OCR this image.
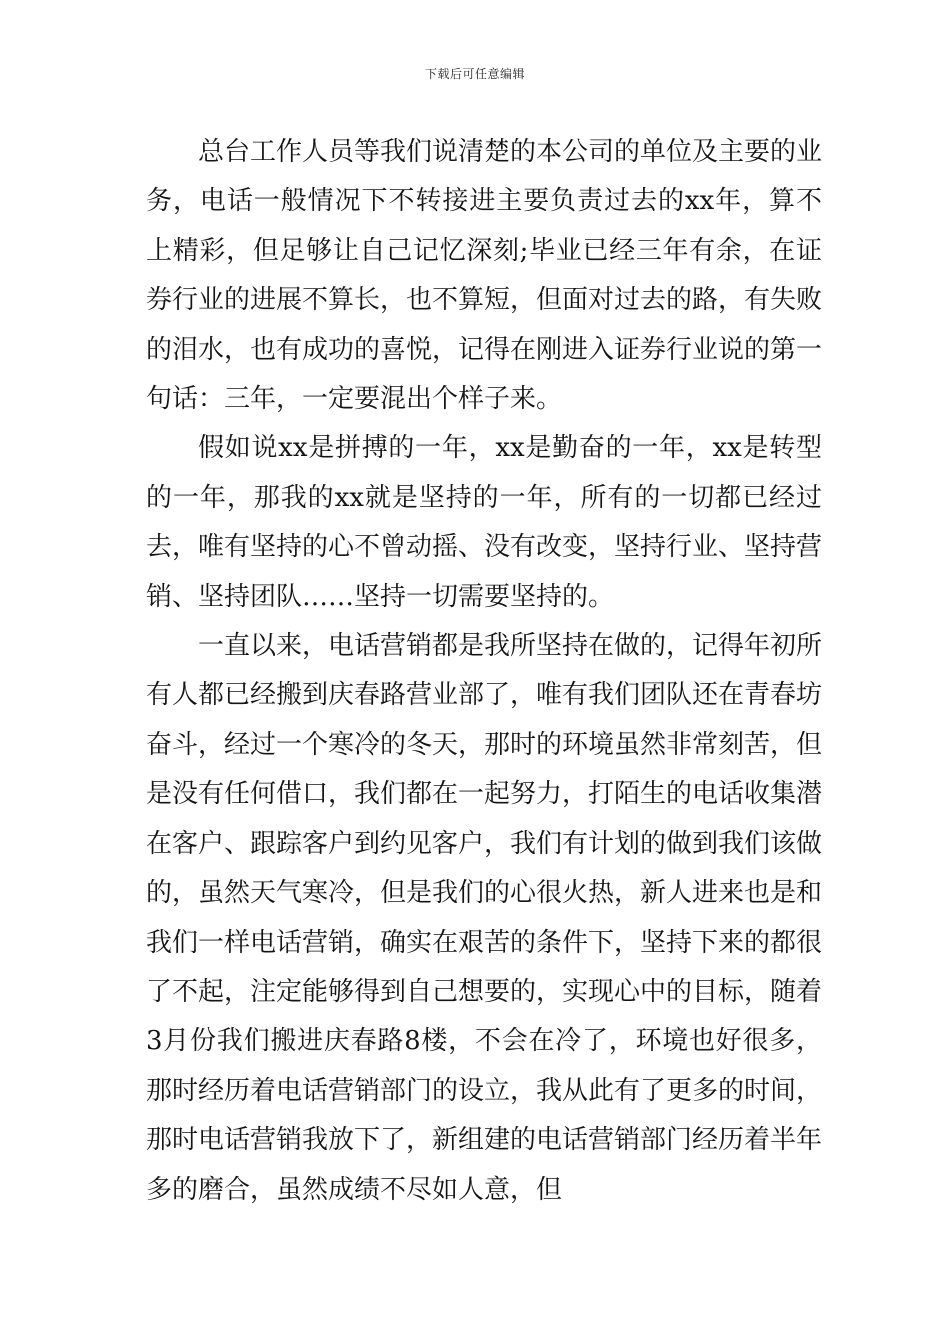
下载后可任意编辑

总台工作人员等我们说清楚的本公司的单位及主要的业务，电话一般情况下不转接进主要负责过去的xx年，算不上精彩，但足够让自己记忆深刻;毕业已经三年有余，在证券行业的进展不算长，也不算短，但面对过去的路，有失败的泪水，也有成功的喜悦，记得在刚进入证券行业说的第一句话：三年，一定要混出个样子来。

假如说xx是拼搏的一年，xx是勤奋的一年，xx是转型的一年，那我的xx就是坚持的一年，所有的一切都已经过去，唯有坚持的心不曾动摇、没有改变，坚持行业、坚持营销、坚持团队……坚持一切需要坚持的。

一直以来，电话营销都是我所坚持在做的，记得年初所有人都已经搬到庆春路营业部了，唯有我们团队还在青春坊奋斗，经过一个寒冷的冬天，那时的环境虽然非常刻苦，但是没有任何借口，我们都在一起努力，打陌生的电话收集潜在客户、跟踪客户到约见客户，我们有计划的做到我们该做的，虽然天气寒冷，但是我们的心很火热，新人进来也是和我们一样电话营销，确实在艰苦的条件下，坚持下来的都很了不起，注定能够得到自己想要的，实现心中的目标，随着3月份我们搬进庆春路8楼，不会在冷了，环境也好很多，那时经历着电话营销部门的设立，我从此有了更多的时间，那时电话营销我放下了，新组建的电话营销部门经历着半年多的磨合，虽然成绩不尽如人意，但
